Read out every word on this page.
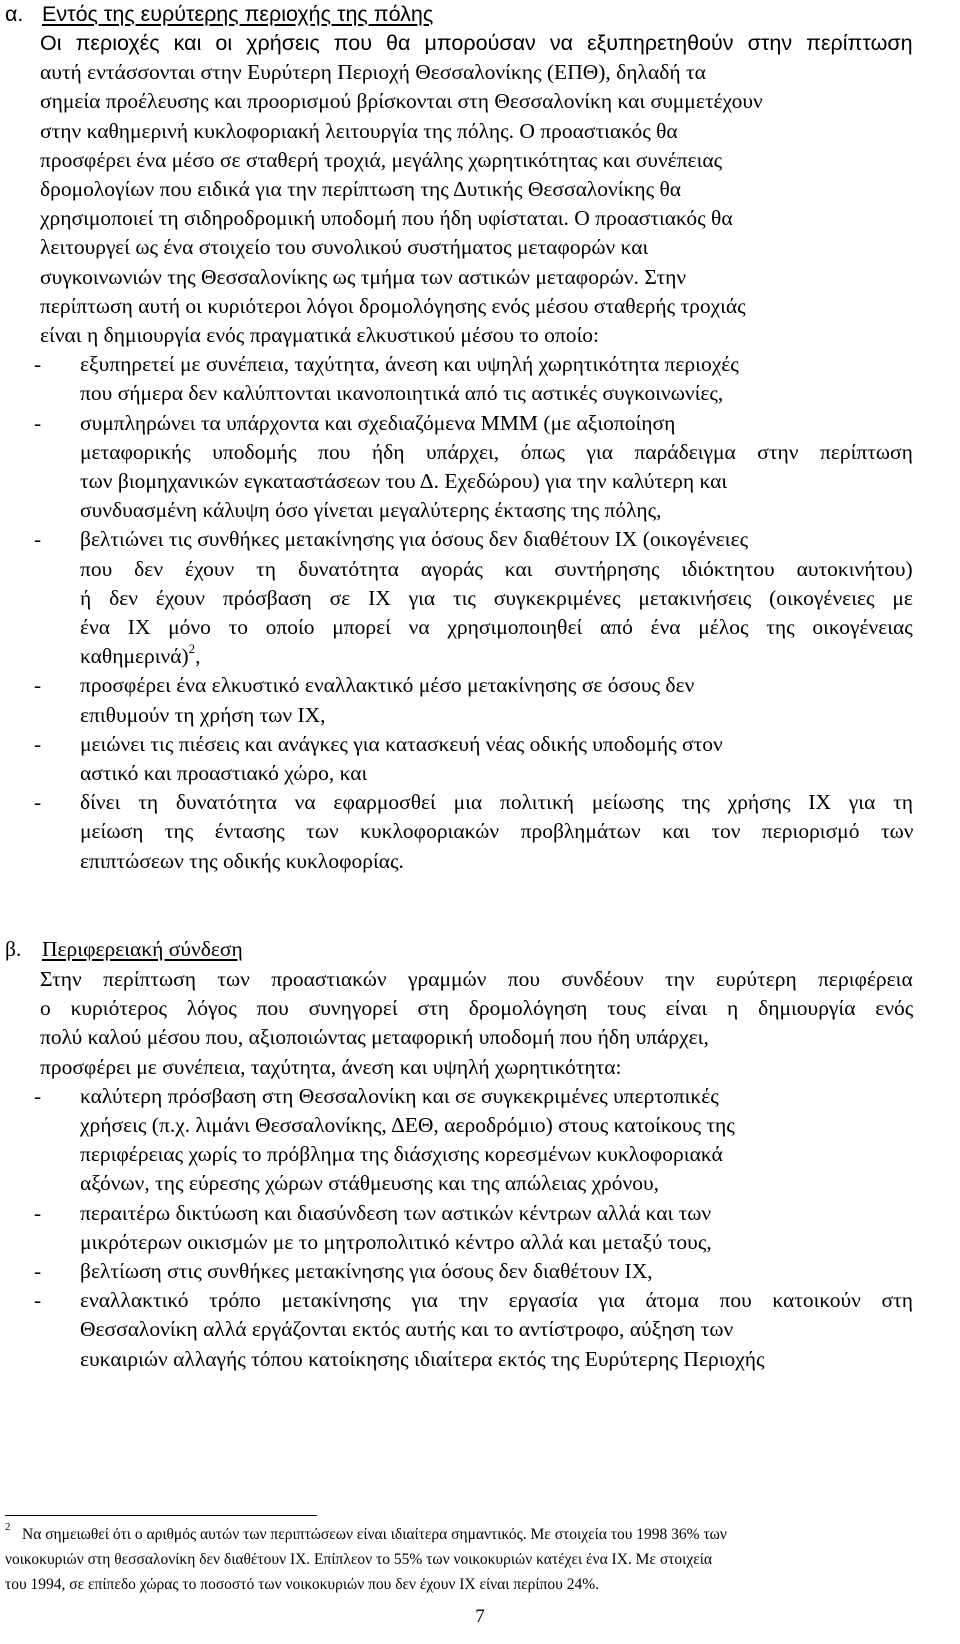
α. Εντός της ευρύτερης περιοχής της πόλης
Οι περιοχές και οι χρήσεις που θα μπορούσαν να εξυπηρετηθούν στην περίπτωση
αυτή εντάσσονται στην Ευρύτερη Περιοχή Θεσσαλονίκης (ΕΠΘ), δηλαδή τα
σημεία προέλευσης και προορισμού βρίσκονται στη Θεσσαλονίκη και συμμετέχουν
στην καθημερινή κυκλοφοριακή λειτουργία της πόλης. Ο προαστιακός θα
προσφέρει ένα μέσο σε σταθερή τροχιά, μεγάλης χωρητικότητας και συνέπειας
δρομολογίων που ειδικά για την περίπτωση της Δυτικής Θεσσαλονίκης θα
χρησιμοποιεί τη σιδηροδρομική υποδομή που ήδη υφίσταται. Ο προαστιακός θα
λειτουργεί ως ένα στοιχείο του συνολικού συστήματος μεταφορών και
συγκοινωνιών της Θεσσαλονίκης ως τμήμα των αστικών μεταφορών. Στην
περίπτωση αυτή οι κυριότεροι λόγοι δρομολόγησης ενός μέσου σταθερής τροχιάς
είναι η δημιουργία ενός πραγματικά ελκυστικού μέσου το οποίο:
- εξυπηρετεί με συνέπεια, ταχύτητα, άνεση και υψηλή χωρητικότητα περιοχές
που σήμερα δεν καλύπτονται ικανοποιητικά από τις αστικές συγκοινωνίες,
- συμπληρώνει τα υπάρχοντα και σχεδιαζόμενα ΜΜΜ (με αξιοποίηση
μεταφορικής υποδομής που ήδη υπάρχει, όπως για παράδειγμα στην περίπτωση
των βιομηχανικών εγκαταστάσεων του Δ. Εχεδώρου) για την καλύτερη και
συνδυασμένη κάλυψη όσο γίνεται μεγαλύτερης έκτασης της πόλης,
- βελτιώνει τις συνθήκες μετακίνησης για όσους δεν διαθέτουν ΙΧ (οικογένειες
που δεν έχουν τη δυνατότητα αγοράς και συντήρησης ιδιόκτητου αυτοκινήτου)
ή δεν έχουν πρόσβαση σε ΙΧ για τις συγκεκριμένες μετακινήσεις (οικογένειες με
ένα ΙΧ μόνο το οποίο μπορεί να χρησιμοποιηθεί από ένα μέλος της οικογένειας
καθημερινά)$^2$,
- προσφέρει ένα ελκυστικό εναλλακτικό μέσο μετακίνησης σε όσους δεν
επιθυμούν τη χρήση των ΙΧ,
- μειώνει τις πιέσεις και ανάγκες για κατασκευή νέας οδικής υποδομής στον
αστικό και προαστιακό χώρο, και
- δίνει τη δυνατότητα να εφαρμοσθεί μια πολιτική μείωσης της χρήσης ΙΧ για τη
μείωση της έντασης των κυκλοφοριακών προβλημάτων και τον περιορισμό των
επιπτώσεων της οδικής κυκλοφορίας.
β. Περιφερειακή σύνδεση
Στην περίπτωση των προαστιακών γραμμών που συνδέουν την ευρύτερη περιφέρεια
ο κυριότερος λόγος που συνηγορεί στη δρομολόγηση τους είναι η δημιουργία ενός
πολύ καλού μέσου που, αξιοποιώντας μεταφορική υποδομή που ήδη υπάρχει,
προσφέρει με συνέπεια, ταχύτητα, άνεση και υψηλή χωρητικότητα:
- καλύτερη πρόσβαση στη Θεσσαλονίκη και σε συγκεκριμένες υπερτοπικές
χρήσεις (π.χ. λιμάνι Θεσσαλονίκης, ΔΕΘ, αεροδρόμιο) στους κατοίκους της
περιφέρειας χωρίς το πρόβλημα της διάσχισης κορεσμένων κυκλοφοριακά
αξόνων, της εύρεσης χώρων στάθμευσης και της απώλειας χρόνου,
- περαιτέρω δικτύωση και διασύνδεση των αστικών κέντρων αλλά και των
μικρότερων οικισμών με το μητροπολιτικό κέντρο αλλά και μεταξύ τους,
- βελτίωση στις συνθήκες μετακίνησης για όσους δεν διαθέτουν ΙΧ,
- εναλλακτικό τρόπο μετακίνησης για την εργασία για άτομα που κατοικούν στη
Θεσσαλονίκη αλλά εργάζονται εκτός αυτής και το αντίστροφο, αύξηση των
ευκαιριών αλλαγής τόπου κατοίκησης ιδιαίτερα εκτός της Ευρύτερης Περιοχής
2 Να σημειωθεί ότι ο αριθμός αυτών των περιπτώσεων είναι ιδιαίτερα σημαντικός. Με στοιχεία του 1998 36% των
νοικοκυριών στη θεσσαλονίκη δεν διαθέτουν ΙΧ. Επίπλεον το 55% των νοικοκυριών κατέχει ένα ΙΧ. Με στοιχεία
του 1994, σε επίπεδο χώρας το ποσοστό των νοικοκυριών που δεν έχουν ΙΧ είναι περίπου 24%.
7
